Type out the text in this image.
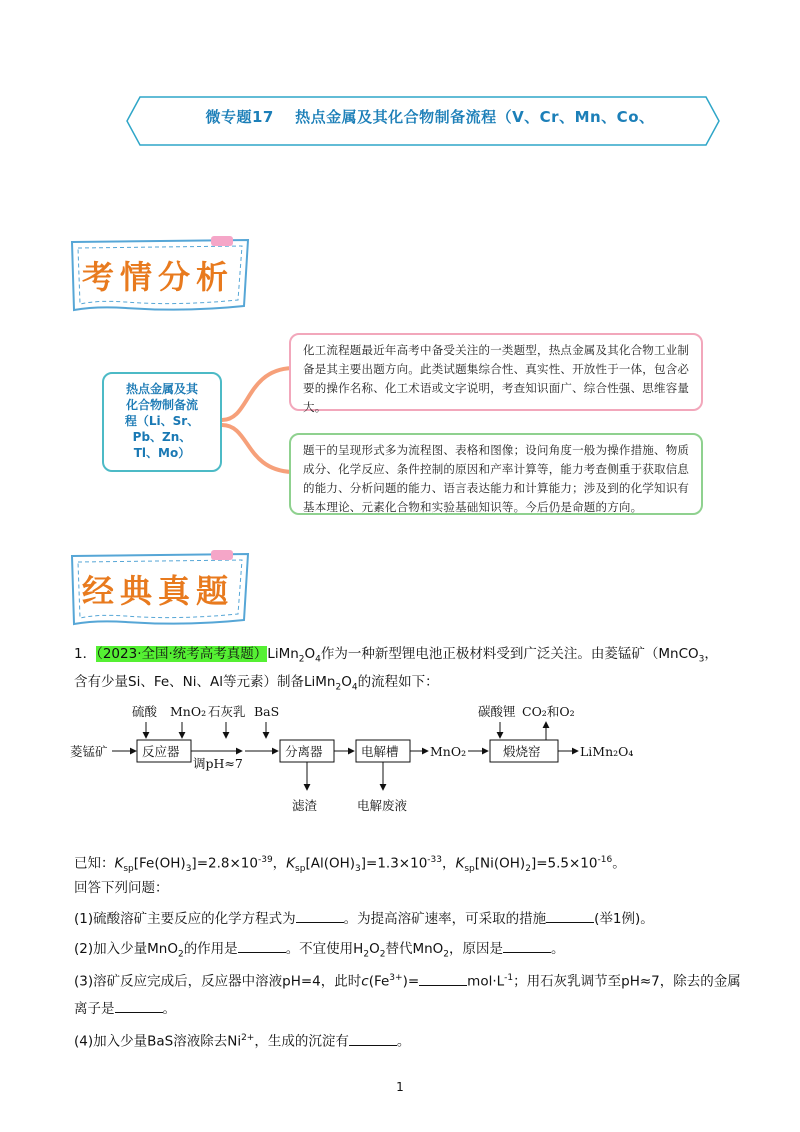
微专题17　 热点金属及其化合物制备流程（V、Cr、Mn、Co、
考情分析
热点金属及其
化合物制备流
程（Li、Sr、
Pb、Zn、
Tl、Mo）
化工流程题最近年高考中备受关注的一类题型，热点金属及其化合物工业制备是其主要出题方向。此类试题集综合性、真实性、开放性于一体，包含必要的操作名称、化工术语或文字说明，考查知识面广、综合性强、思维容量大。
题干的呈现形式多为流程图、表格和图像；设问角度一般为操作措施、物质成分、化学反应、条件控制的原因和产率计算等，能力考查侧重于获取信息的能力、分析问题的能力、语言表达能力和计算能力；涉及到的化学知识有基本理论、元素化合物和实验基础知识等。今后仍是命题的方向。
经典真题
1．（2023·全国·统考高考真题）$LiMn_2O_4$作为一种新型锂电池正极材料受到广泛关注。由菱锰矿（MnCO$_3$，
含有少量Si、Fe、Ni、Al等元素）制备$LiMn_2O_4$的流程如下：
硫酸 MnO₂ 石灰乳 BaS
菱锰矿	反应器
调pH≈7
分离器
滤渣
电解槽
电解废液
MnO₂	煅烧窑
碳酸锂 CO₂和O₂
LiMn₂O₄
已知：$K_{sp}[Fe(OH)_3]=2.8\times 10^{-39}$，$K_{sp}[Al(OH)_3]=1.3\times 10^{-33}$，$K_{sp}[Ni(OH)_2]=5.5\times 10^{-16}$。
回答下列问题：
(1)硫酸溶矿主要反应的化学方程式为	。为提高溶矿速率，可采取的措施	(举1例)。
(2)加入少量MnO$_2$的作用是	。不宜使用$H_2O_2$替代MnO$_2$，原因是	。
(3)溶矿反应完成后，反应器中溶液pH=4，此时$c(Fe^{3+})=$	$mol\cdot L^{-1}$；用石灰乳调节至pH≈7，除去的金属
离子是	。
(4)加入少量BaS溶液除去$Ni^{2+}$，生成的沉淀有	。
1
